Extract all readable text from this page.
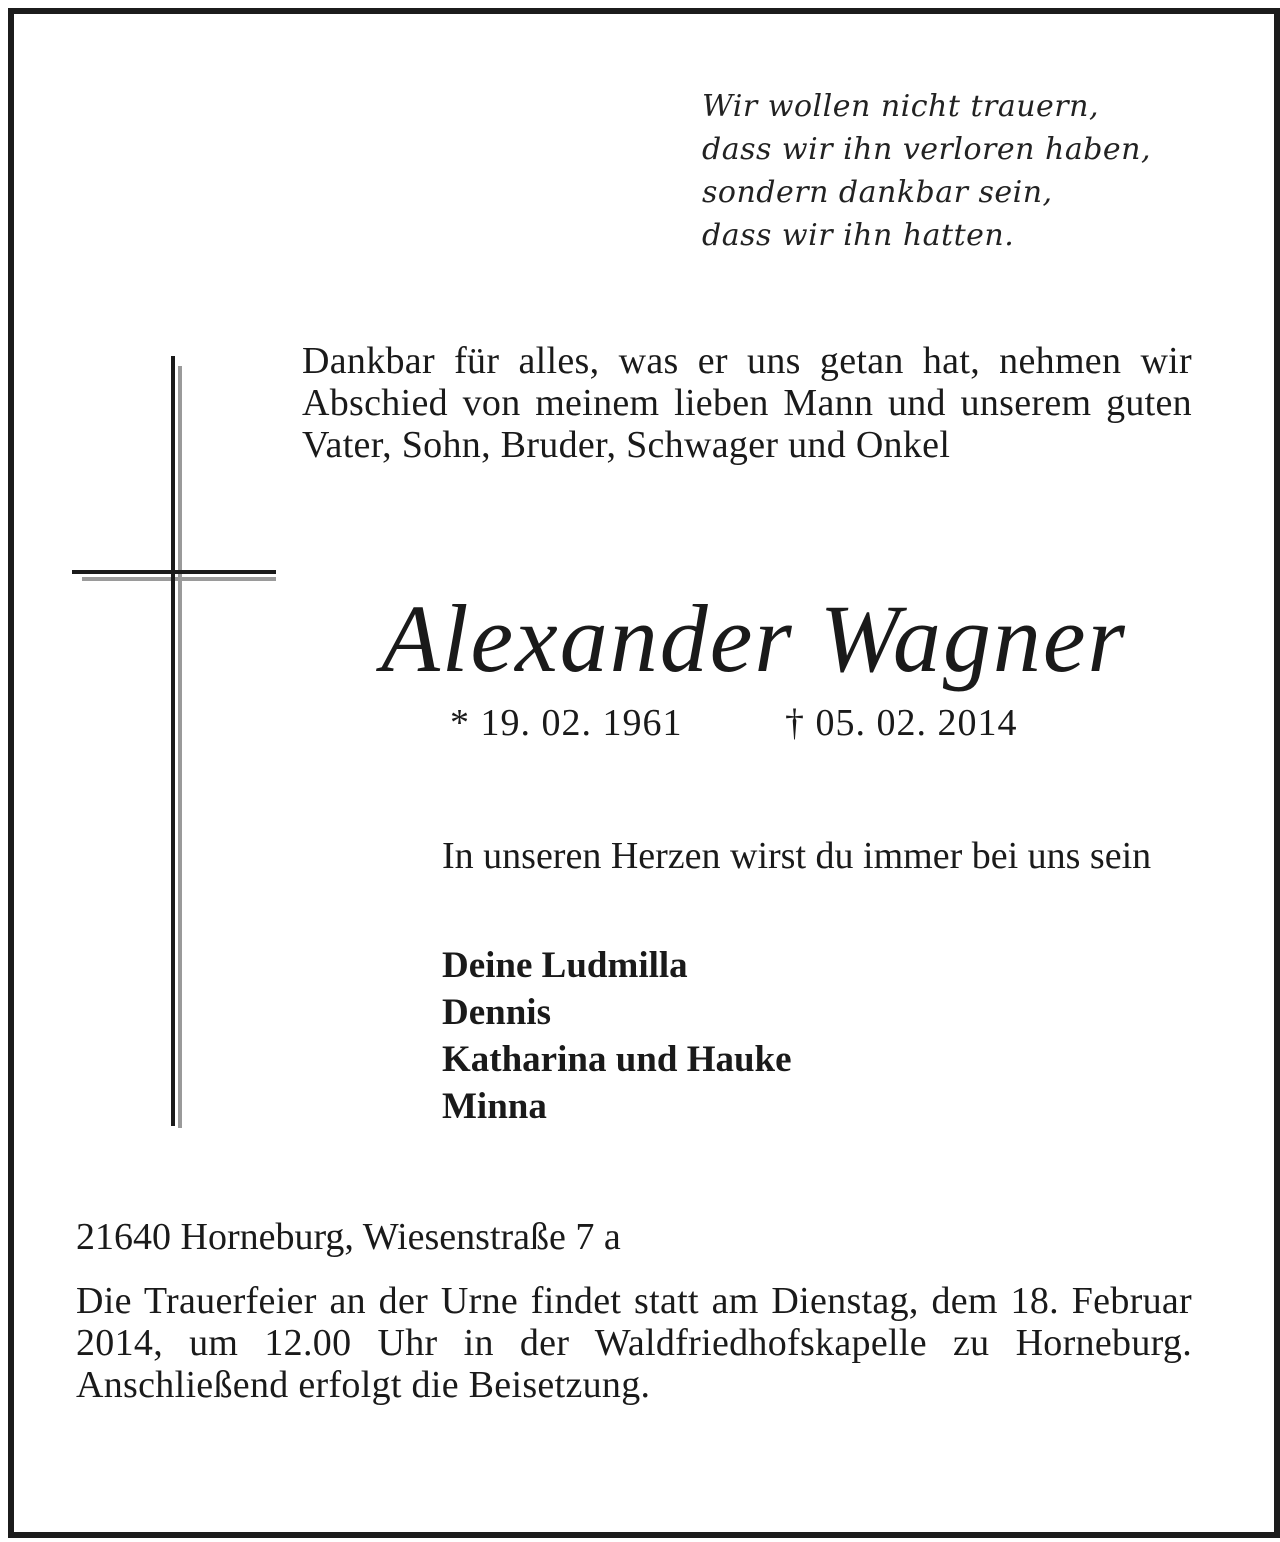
Wir wollen nicht trauern,
dass wir ihn verloren haben,
sondern dankbar sein,
dass wir ihn hatten.
Dankbar für alles, was er uns getan hat, nehmen wir Abschied von meinem lieben Mann und unserem guten Vater, Sohn, Bruder, Schwager und Onkel
Alexander Wagner
* 19. 02. 1961	† 05. 02. 2014
In unseren Herzen wirst du immer bei uns sein
Deine Ludmilla
Dennis
Katharina und Hauke
Minna
21640 Horneburg, Wiesenstraße 7 a
Die Trauerfeier an der Urne findet statt am Dienstag, dem 18. Februar 2014, um 12.00 Uhr in der Waldfriedhofskapelle zu Horneburg. Anschließend erfolgt die Beisetzung.
